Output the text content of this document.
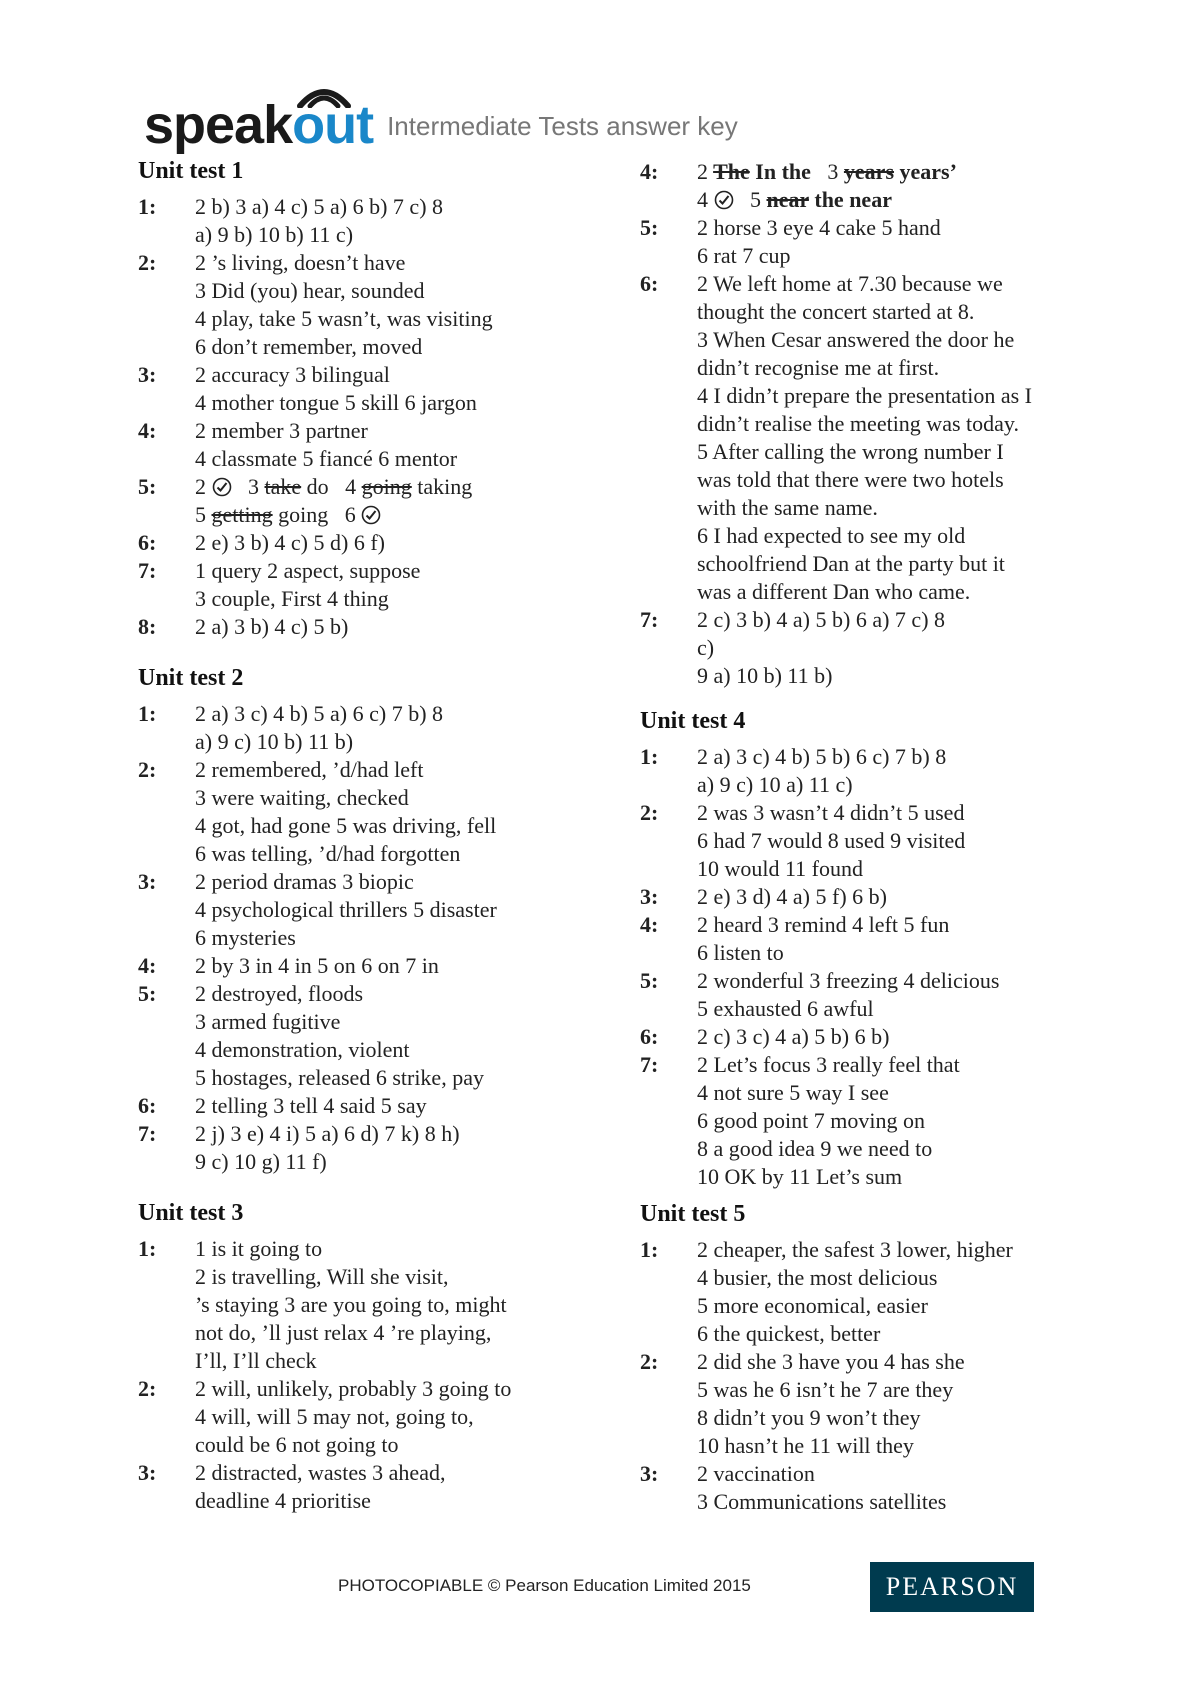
speakout Intermediate Tests answer key
Unit test 1
1:	2 b) 3 a) 4 c) 5 a) 6 b) 7 c) 8
a) 9 b) 10 b) 11 c)
2:	2 ’s living, doesn’t have
3 Did (you) hear, sounded
4 play, take 5 wasn’t, was visiting
6 don’t remember, moved
3:	2 accuracy 3 bilingual
4 mother tongue 5 skill 6 jargon
4:	2 member 3 partner
4 classmate 5 fiancé 6 mentor
5:	2 3 take do 4 going taking
5 getting going 6
6:	2 e) 3 b) 4 c) 5 d) 6 f)
7:	1 query 2 aspect, suppose
3 couple, First 4 thing
8:	2 a) 3 b) 4 c) 5 b)
Unit test 2
1:	2 a) 3 c) 4 b) 5 a) 6 c) 7 b) 8
a) 9 c) 10 b) 11 b)
2:	2 remembered, ’d/had left
3 were waiting, checked
4 got, had gone 5 was driving, fell
6 was telling, ’d/had forgotten
3:	2 period dramas 3 biopic
4 psychological thrillers 5 disaster
6 mysteries
4:	2 by 3 in 4 in 5 on 6 on 7 in
5:	2 destroyed, floods
3 armed fugitive
4 demonstration, violent
5 hostages, released 6 strike, pay
6:	2 telling 3 tell 4 said 5 say
7:	2 j) 3 e) 4 i) 5 a) 6 d) 7 k) 8 h)
9 c) 10 g) 11 f)
Unit test 3
1:	1 is it going to
2 is travelling, Will she visit,
’s staying 3 are you going to, might
not do, ’ll just relax 4 ’re playing,
I’ll, I’ll check
2:	2 will, unlikely, probably 3 going to
4 will, will 5 may not, going to,
could be 6 not going to
3:	2 distracted, wastes 3 ahead,
deadline 4 prioritise
4:	2 The In the 3 years years’
4 5 near the near
5:	2 horse 3 eye 4 cake 5 hand
6 rat 7 cup
6:	2 We left home at 7.30 because we
thought the concert started at 8.
3 When Cesar answered the door he
didn’t recognise me at first.
4 I didn’t prepare the presentation as I
didn’t realise the meeting was today.
5 After calling the wrong number I
was told that there were two hotels
with the same name.
6 I had expected to see my old
schoolfriend Dan at the party but it
was a different Dan who came.
7:	2 c) 3 b) 4 a) 5 b) 6 a) 7 c) 8
c)
9 a) 10 b) 11 b)
Unit test 4
1:	2 a) 3 c) 4 b) 5 b) 6 c) 7 b) 8
a) 9 c) 10 a) 11 c)
2:	2 was 3 wasn’t 4 didn’t 5 used
6 had 7 would 8 used 9 visited
10 would 11 found
3:	2 e) 3 d) 4 a) 5 f) 6 b)
4:	2 heard 3 remind 4 left 5 fun
6 listen to
5:	2 wonderful 3 freezing 4 delicious
5 exhausted 6 awful
6:	2 c) 3 c) 4 a) 5 b) 6 b)
7:	2 Let’s focus 3 really feel that
4 not sure 5 way I see
6 good point 7 moving on
8 a good idea 9 we need to
10 OK by 11 Let’s sum
Unit test 5
1:	2 cheaper, the safest 3 lower, higher
4 busier, the most delicious
5 more economical, easier
6 the quickest, better
2:	2 did she 3 have you 4 has she
5 was he 6 isn’t he 7 are they
8 didn’t you 9 won’t they
10 hasn’t he 11 will they
3:	2 vaccination
3 Communications satellites
PHOTOCOPIABLE © Pearson Education Limited 2015	PEARSON
